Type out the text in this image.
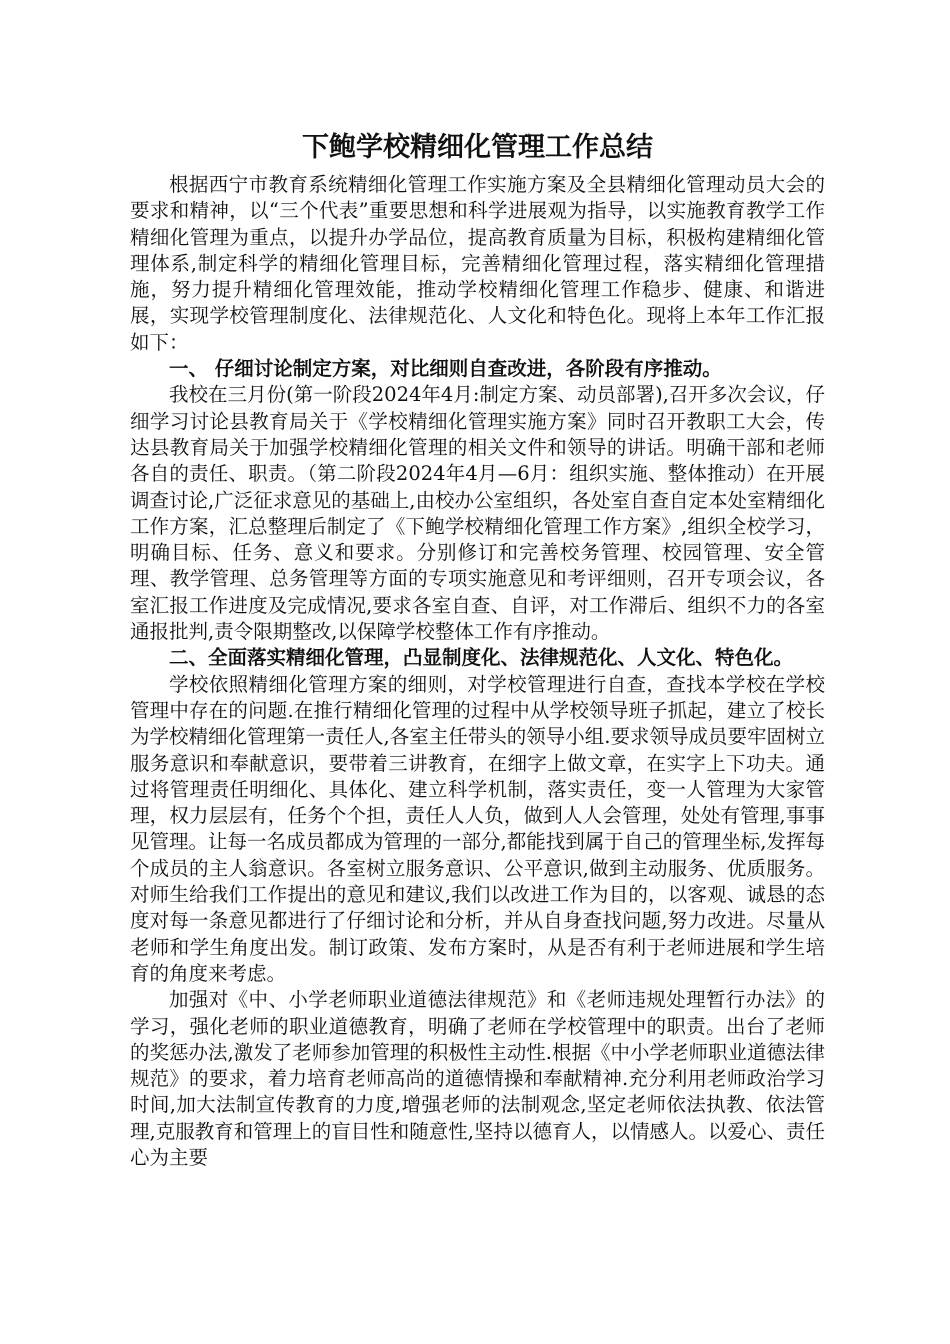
下鲍学校精细化管理工作总结

根据西宁市教育系统精细化管理工作实施方案及全县精细化管理动员大会的要求和精神，以“三个代表”重要思想和科学进展观为指导，以实施教育教学工作精细化管理为重点，以提升办学品位，提高教育质量为目标，积极构建精细化管理体系,制定科学的精细化管理目标，完善精细化管理过程，落实精细化管理措施，努力提升精细化管理效能，推动学校精细化管理工作稳步、健康、和谐进展，实现学校管理制度化、法律规范化、人文化和特色化。现将上本年工作汇报如下：

一、 仔细讨论制定方案，对比细则自查改进，各阶段有序推动。

我校在三月份(第一阶段2024年4月:制定方案、动员部署),召开多次会议，仔细学习讨论县教育局关于《学校精细化管理实施方案》同时召开教职工大会，传达县教育局关于加强学校精细化管理的相关文件和领导的讲话。明确干部和老师各自的责任、职责。（第二阶段2024年4月—6月：组织实施、整体推动）在开展调查讨论,广泛征求意见的基础上,由校办公室组织，各处室自查自定本处室精细化工作方案，汇总整理后制定了《下鲍学校精细化管理工作方案》,组织全校学习，明确目标、任务、意义和要求。分别修订和完善校务管理、校园管理、安全管理、教学管理、总务管理等方面的专项实施意见和考评细则，召开专项会议，各室汇报工作进度及完成情况,要求各室自查、自评，对工作滞后、组织不力的各室通报批判,责令限期整改,以保障学校整体工作有序推动。

二、全面落实精细化管理，凸显制度化、法律规范化、人文化、特色化。

学校依照精细化管理方案的细则，对学校管理进行自查，查找本学校在学校管理中存在的问题.在推行精细化管理的过程中从学校领导班子抓起，建立了校长为学校精细化管理第一责任人,各室主任带头的领导小组.要求领导成员要牢固树立服务意识和奉献意识，要带着三讲教育，在细字上做文章，在实字上下功夫。通过将管理责任明细化、具体化、建立科学机制，落实责任，变一人管理为大家管理，权力层层有，任务个个担，责任人人负，做到人人会管理，处处有管理,事事见管理。让每一名成员都成为管理的一部分,都能找到属于自己的管理坐标,发挥每个成员的主人翁意识。各室树立服务意识、公平意识,做到主动服务、优质服务。对师生给我们工作提出的意见和建议,我们以改进工作为目的，以客观、诚恳的态度对每一条意见都进行了仔细讨论和分析，并从自身查找问题,努力改进。尽量从老师和学生角度出发。制订政策、发布方案时，从是否有利于老师进展和学生培育的角度来考虑。

加强对《中、小学老师职业道德法律规范》和《老师违规处理暂行办法》的学习，强化老师的职业道德教育，明确了老师在学校管理中的职责。出台了老师的奖惩办法,激发了老师参加管理的积极性主动性.根据《中小学老师职业道德法律规范》的要求，着力培育老师高尚的道德情操和奉献精神.充分利用老师政治学习时间,加大法制宣传教育的力度,增强老师的法制观念,坚定老师依法执教、依法管理,克服教育和管理上的盲目性和随意性,坚持以德育人，以情感人。以爱心、责任心为主要
